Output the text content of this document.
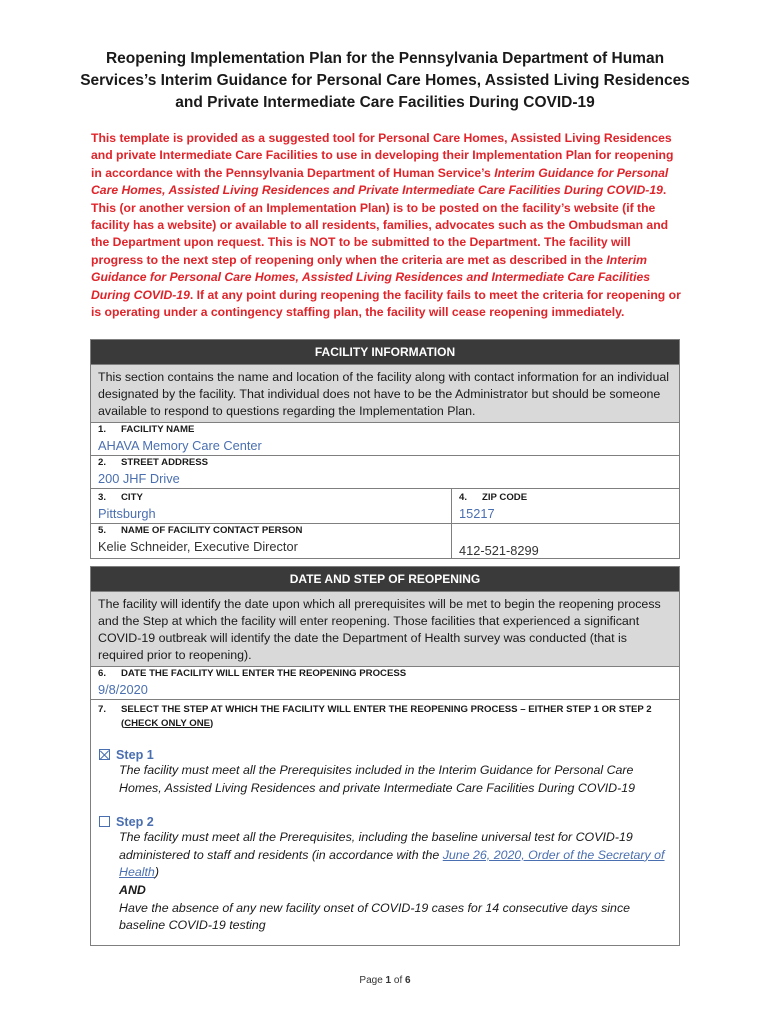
Reopening Implementation Plan for the Pennsylvania Department of Human Services’s Interim Guidance for Personal Care Homes, Assisted Living Residences and Private Intermediate Care Facilities During COVID-19
This template is provided as a suggested tool for Personal Care Homes, Assisted Living Residences and private Intermediate Care Facilities to use in developing their Implementation Plan for reopening in accordance with the Pennsylvania Department of Human Service’s Interim Guidance for Personal Care Homes, Assisted Living Residences and Private Intermediate Care Facilities During COVID-19. This (or another version of an Implementation Plan) is to be posted on the facility’s website (if the facility has a website) or available to all residents, families, advocates such as the Ombudsman and the Department upon request. This is NOT to be submitted to the Department. The facility will progress to the next step of reopening only when the criteria are met as described in the Interim Guidance for Personal Care Homes, Assisted Living Residences and Intermediate Care Facilities During COVID-19. If at any point during reopening the facility fails to meet the criteria for reopening or is operating under a contingency staffing plan, the facility will cease reopening immediately.
FACILITY INFORMATION
This section contains the name and location of the facility along with contact information for an individual designated by the facility. That individual does not have to be the Administrator but should be someone available to respond to questions regarding the Implementation Plan.
1. FACILITY NAME
AHAVA Memory Care Center
2. STREET ADDRESS
200 JHF Drive
3. CITY
Pittsburgh
4. ZIP CODE
15217
5. NAME OF FACILITY CONTACT PERSON
Kelie Schneider, Executive Director	412-521-8299
DATE AND STEP OF REOPENING
The facility will identify the date upon which all prerequisites will be met to begin the reopening process and the Step at which the facility will enter reopening. Those facilities that experienced a significant COVID-19 outbreak will identify the date the Department of Health survey was conducted (that is required prior to reopening).
6. DATE THE FACILITY WILL ENTER THE REOPENING PROCESS
9/8/2020
7.	SELECT THE STEP AT WHICH THE FACILITY WILL ENTER THE REOPENING PROCESS – EITHER STEP 1 OR STEP 2 (CHECK ONLY ONE)
Step 1
The facility must meet all the Prerequisites included in the Interim Guidance for Personal Care Homes, Assisted Living Residences and private Intermediate Care Facilities During COVID-19
Step 2
The facility must meet all the Prerequisites, including the baseline universal test for COVID-19 administered to staff and residents (in accordance with the June 26, 2020, Order of the Secretary of Health)
AND
Have the absence of any new facility onset of COVID-19 cases for 14 consecutive days since baseline COVID-19 testing
Page 1 of 6
